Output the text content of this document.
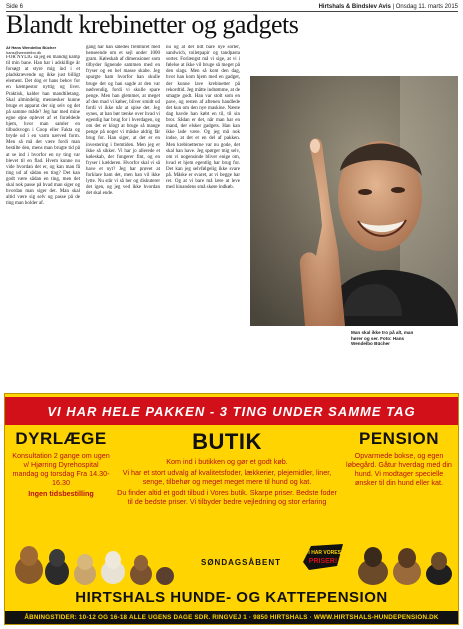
Side 6	Hirtshals & Bindslev Avis | Onsdag 11. marts 2015
Blandt krebinetter og gadgets
Af Hans Wendelbo Bücher
hans@wendelbo.dk
FOR NYLIG så jeg en mandig kamp til min bane. Han har i adskillige år forsøgt at styre mig ind i et pladskrævende og ikke just billigt element. Det dog er hans behov for en kæmpestor nyttig og liver. Praktisk, kalder han mandtiletang. Skal almindelig mennesker kunne bruge et apparat der sig selv og det på samme måde? Jeg har med mine egne øjne oplevet af et forældede hjem, hvor man samler en tilbudsvogn i Coop eller Fakta og bryde ud i en varm nærved form. Men så må det være fordi man bestilte den, mens man brugte tid på at se ind i hvorfor en ny ting var blevet til en flad. Hvem kunne nu vide hvordan det er, og kan man få ting ud af sådan en ting? Det kan godt være sådan en ting, men det skal nok passe på hvad man siger og hvordan man siger det. Man skal altid være sig selv og passe på de ting man holder af.
gang har han således fremturet med henseende om et sejl under 1000 gram. Køleskab af dimensioner som tilbyder lignende sammen med en fryser og en hel masse skabe. Jeg spurgte ham hvorfor han skulle bruge det og han sagde at den var nødvendig, fordi vi skulle spare penge. Men han glemmer, at meget af den mad vi køber, bliver smidt ud fordi vi ikke når at spise det. Jeg synes, at han bør tænke over hvad vi egentlig har brug for i hverdagen, og om det er klogt at bruge så mange penge på noget vi måske aldrig får brug for. Han siger, at det er en investering i fremtiden. Men jeg er ikke så sikker. Vi har jo allerede et køleskab, der fungerer fint, og en fryser i kælderen. Hvorfor skal vi så have et nyt? Jeg har prøvet at forklare ham det, men han vil ikke lytte. Nu står vi så her og diskuterer det igen, og jeg ved ikke hvordan det skal ende.
nu og at det lidt bare nye sorter, sandwich, toiletpapir og tandpasta sorter. Forlængst må vi sige, at vi i følelse at ikke vil bruge så meget på den slags. Men så kom den dag, hvor han kom hjem med en gadget, der kunne lave krebinetter på rekordtid. Jeg måtte indrømme, at de smagte godt. Han var stolt som en pave, og resten af aftenen handlede det kun om den nye maskine. Næste dag havde han købt en til, til sin bror. Sådan er det, når man har en mand, der elsker gadgets. Han kan ikke lade være. Og jeg må nok indse, at det er en del af pakken. Men krebinetterne var nu gode, det skal han have. Jeg spørger mig selv, om vi nogensinde bliver enige om, hvad et hjem egentlig har brug for. Det kan jeg selvfølgelig ikke svare på. Måske er svaret, at vi begge har ret. Og at vi bare må lære at leve med hinandens små skøre indkøb.
Man skal ikke tro på alt, man hører og ser. Foto: Hans Wendelbo Bücher
VI HAR HELE PAKKEN - 3 TING UNDER SAMME TAG
DYRLÆGE

Konsultation 2 gange om ugen v/ Hjørring Dyrehospital mandag og torsdag Fra 14.30-16.30

Ingen tidsbestilling

BUTIK

Kom ind i butikken og gør et godt køb.

Vi har et stort udvalg af kvalitetsfoder, lækkerier, plejemidler, liner, senge, tilbehør og meget meget mere til hund og kat.

Du finder altid et godt tilbud i Vores butik. Skarpe priser. Bedste foder til de bedste priser. Vi tilbyder bedre vejledning og stor erfaring

PENSION

Opvarmede bokse, og egen løbegård. Gåtur hverdag med din hund. Vi modtager specielle ønsker til din hund eller kat.

SØNDAGSÅBENT
VI HAR VORES
PRISER!
HIRTSHALS HUNDE- OG KATTEPENSION
ÅBNINGSTIDER: 10-12 OG 16-18 ALLE UGENS DAGE SDR. RINGVEJ 1 · 9850 HIRTSHALS · WWW.HIRTSHALS-HUNDEPENSION.DK
